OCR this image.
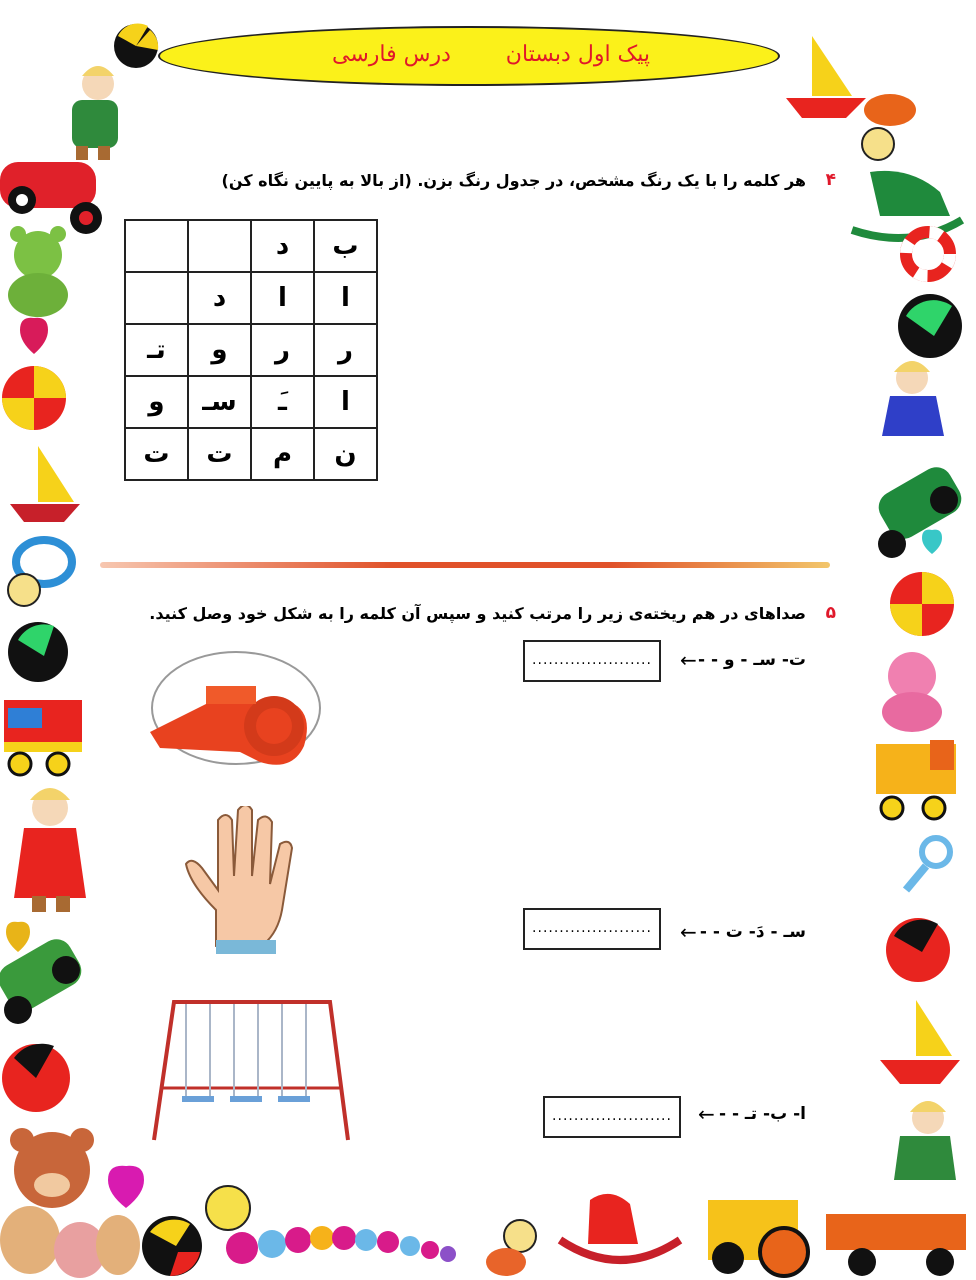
پیک اول دبستان
درس فارسی
۴
هر کلمه را با یک رنگ مشخص، در جدول رنگ بزن. (از بالا به پایین نگاه کن)
		د	ب
	د	ا	ا
تـ	و	ر	ر
و	سـ	َـ	ا
ت	ت	م	ن
۵
صداهای در هم ریخته‌ی زیر را مرتب کنید و سپس آن کلمه را به شکل خود وصل کنید.
......................	← ت- سـ - و - -
......................	← سـ - دَ- ت - -
......................	← ا- ب- تـ - -
